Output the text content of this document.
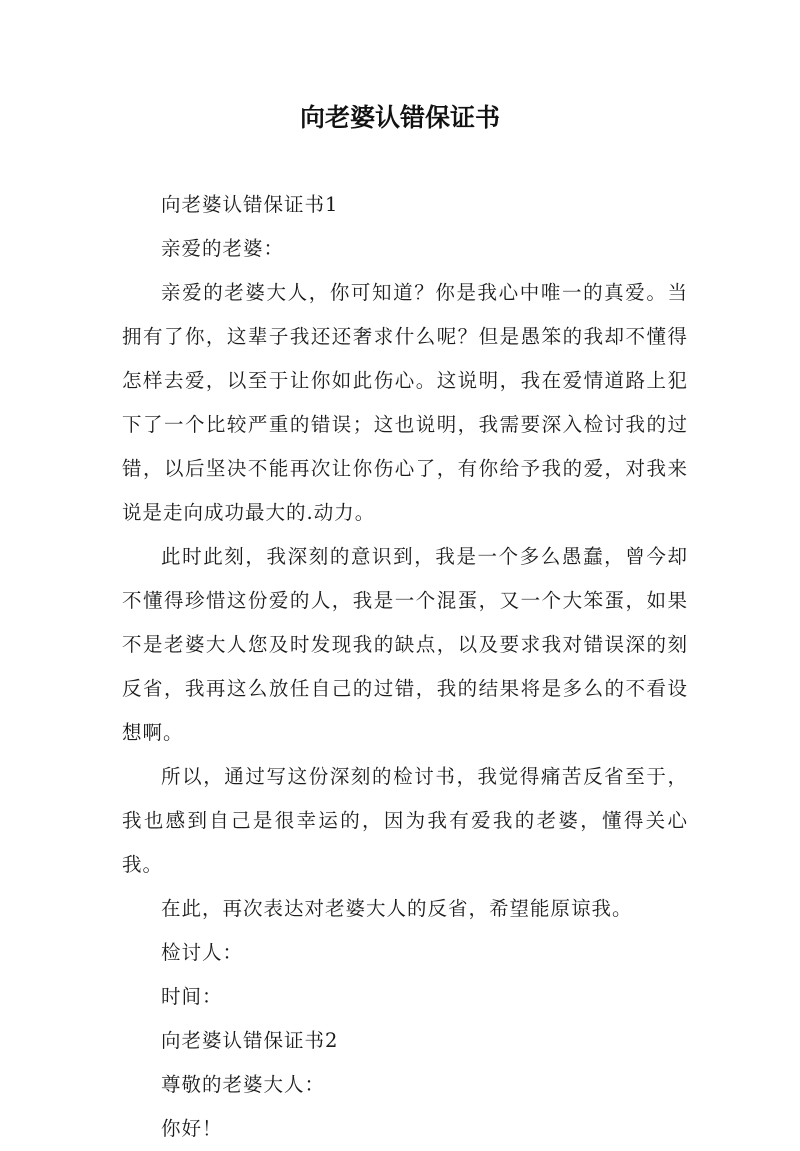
向老婆认错保证书

向老婆认错保证书1

亲爱的老婆：

亲爱的老婆大人，你可知道？你是我心中唯一的真爱。当拥有了你，这辈子我还还奢求什么呢？但是愚笨的我却不懂得怎样去爱，以至于让你如此伤心。这说明，我在爱情道路上犯下了一个比较严重的错误；这也说明，我需要深入检讨我的过错，以后坚决不能再次让你伤心了，有你给予我的爱，对我来说是走向成功最大的.动力。

此时此刻，我深刻的意识到，我是一个多么愚蠢，曾今却不懂得珍惜这份爱的人，我是一个混蛋，又一个大笨蛋，如果不是老婆大人您及时发现我的缺点，以及要求我对错误深的刻反省，我再这么放任自己的过错，我的结果将是多么的不看设想啊。

所以，通过写这份深刻的检讨书，我觉得痛苦反省至于，我也感到自己是很幸运的，因为我有爱我的老婆，懂得关心我。

在此，再次表达对老婆大人的反省，希望能原谅我。

检讨人：

时间：

向老婆认错保证书2

尊敬的老婆大人：

你好！
